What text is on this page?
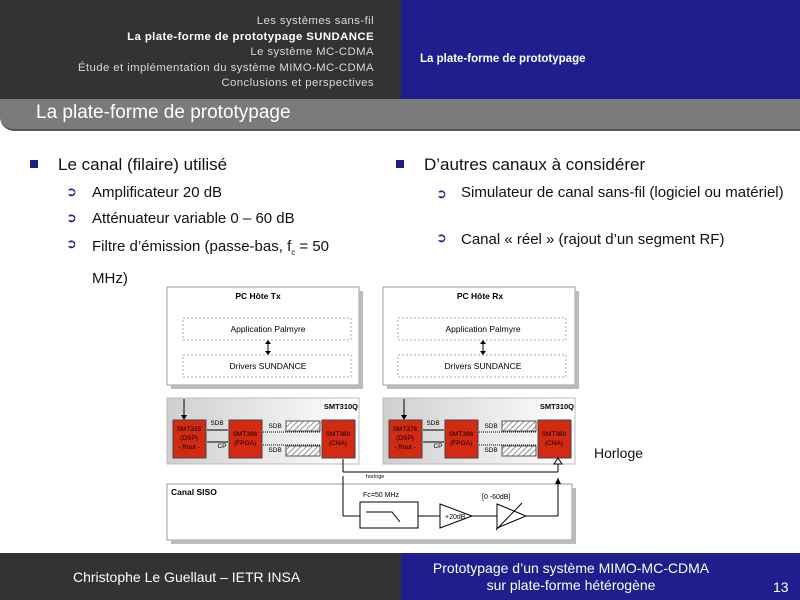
Les systèmes sans-fil
La plate-forme de prototypage SUNDANCE
Le système MC-CDMA
Étude et implémentation du système MIMO-MC-CDMA
Conclusions et perspectives
La plate-forme de prototypage
La plate-forme de prototypage
Le canal (filaire) utilisé
➲ Amplificateur 20 dB
➲ Atténuateur variable 0 – 60 dB
➲ Filtre d’émission (passe-bas, $f_c = 50$ MHz)
D’autres canaux à considérer
➲ Simulateur de canal sans-fil (logiciel ou matériel)
➲ Canal « réel » (rajout d’un segment RF)
PC Hôte Tx
Application Palmyre
Drivers SUNDANCE
PC Hôte Rx
Application Palmyre
Drivers SUNDANCE
SMT310Q
SMT335
(DSP)
- Root -
SMT398
(FPGA)
SMT380
(CNA)
SDB
CP
SDB
SDB
SMT310Q
SMT376
(DSP)
- Root -
SMT398
(FPGA)
SMT380
(CNA)
SDB
CP
SDB
SDB
horloge
Horloge
Canal SISO	Fc=50 MHz
+20dB
[0 -60dB]
Christophe Le Guellaut – IETR INSA
Prototypage d’un système MIMO-MC-CDMA
sur plate-forme hétérogène	13
